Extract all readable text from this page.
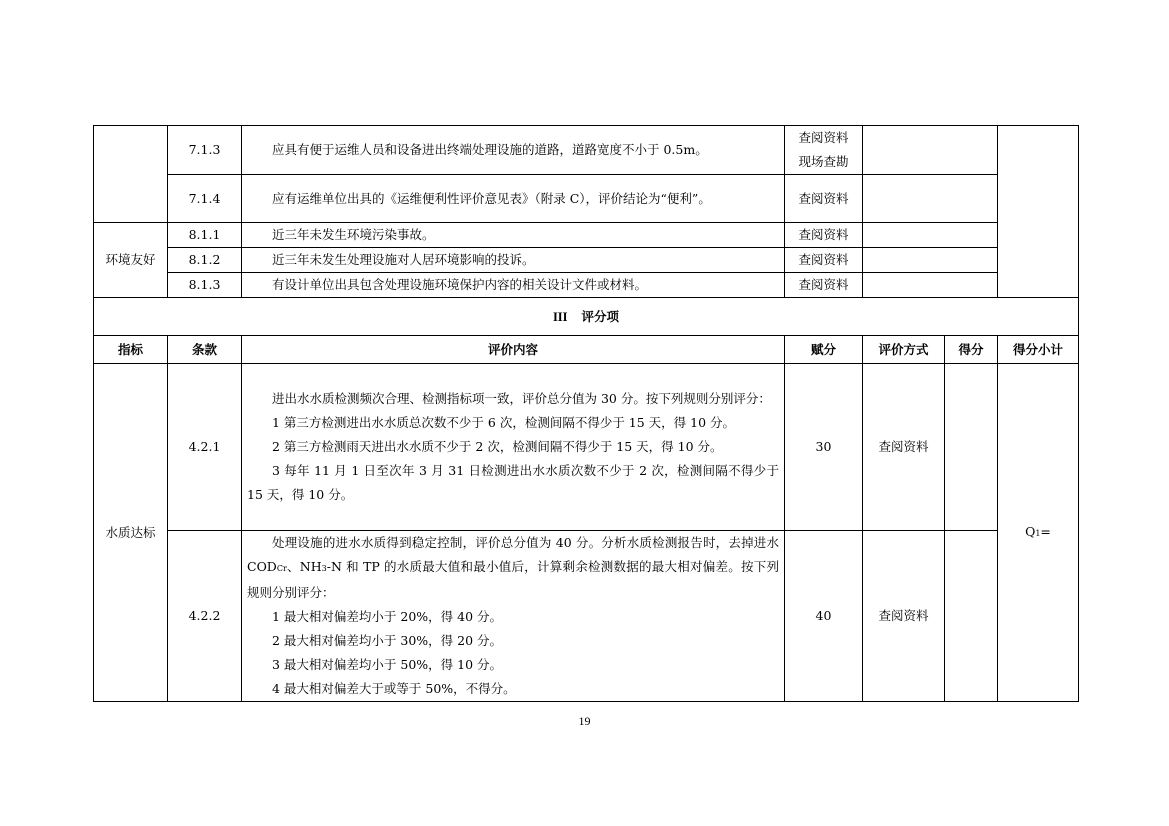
	7.1.3	应具有便于运维人员和设备进出终端处理设施的道路，道路宽度不小于 0.5m。	查阅资料
现场查勘			

	7.1.4	应有运维单位出具的《运维便利性评价意见表》（附录 C），评价结论为“便利”。	查阅资料			
环境友好	8.1.1	近三年未发生环境污染事故。	查阅资料			
	8.1.2	近三年未发生处理设施对人居环境影响的投诉。	查阅资料			
	8.1.3	有设计单位出具包含处理设施环境保护内容的相关设计文件或材料。	查阅资料			
III 评分项						
指标	条款	评价内容	赋分	评价方式	得分	得分小计
水质达标	4.2.1	进出水水质检测频次合理、检测指标项一致，评价总分值为 30 分。按下列规则分别评分：
1 第三方检测进出水水质总次数不少于 6 次，检测间隔不得少于 15 天，得 10 分。
2 第三方检测雨天进出水水质不少于 2 次，检测间隔不得少于 15 天，得 10 分。
3 每年 11 月 1 日至次年 3 月 31 日检测进出水水质次数不少于 2 次，检测间隔不得少于 15 天，得 10 分。	30	查阅资料		Q1=
	4.2.2	处理设施的进水水质得到稳定控制，评价总分值为 40 分。分析水质检测报告时，去掉进水 CODCr、NH3-N 和 TP 的水质最大值和最小值后，计算剩余检测数据的最大相对偏差。按下列规则分别评分：
1 最大相对偏差均小于 20%，得 40 分。
2 最大相对偏差均小于 30%，得 20 分。
3 最大相对偏差均小于 50%，得 10 分。
4 最大相对偏差大于或等于 50%，不得分。	40	查阅资料		
19
